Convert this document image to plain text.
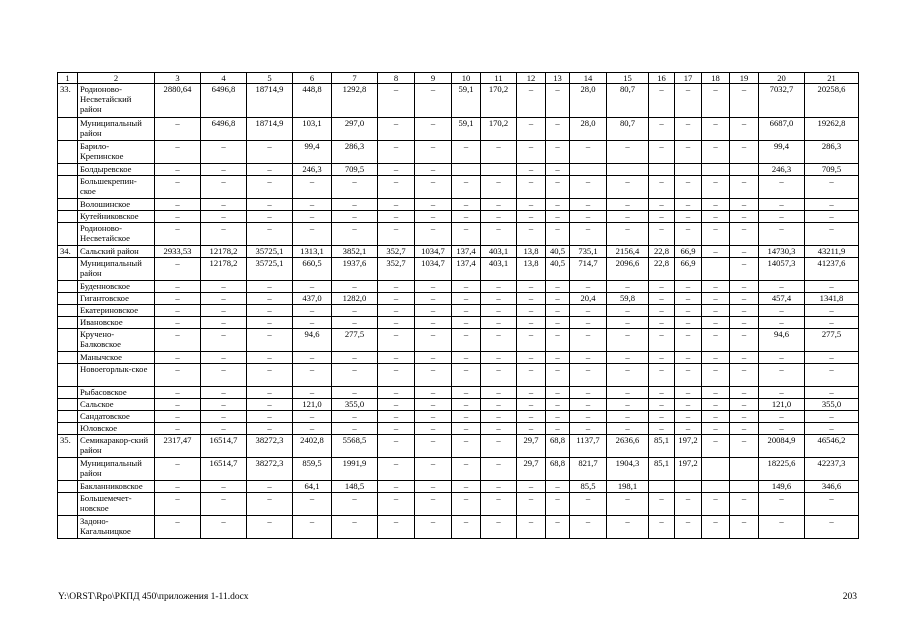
1	2	3	4	5	6	7	8	9	10	11	12	13	14	15	16	17	18	19	20	21
33.	Родионово-Несветайский район	2880,64	6496,8	18714,9	448,8	1292,8	–	–	59,1	170,2	–	–	28,0	80,7	–	–	–	–	7032,7	20258,6
	Муниципальный район	–	6496,8	18714,9	103,1	297,0	–	–	59,1	170,2	–	–	28,0	80,7	–	–	–	–	6687,0	19262,8
	Барило-Крепинское	–	–	–	99,4	286,3	–	–	–	–	–	–	–	–	–	–	–	–	99,4	286,3
	Болдыревское	–	–	–	246,3	709,5	–	–			–	–							246,3	709,5
	Большекрепин-ское	–	–	–	–	–	–	–	–	–	–	–	–	–	–	–	–	–	–	–
	Волошинское	–	–	–	–	–	–	–	–	–	–	–	–	–	–	–	–	–	–	–
	Кутейниковское	–	–	–	–	–	–	–	–	–	–	–	–	–	–	–	–	–	–	–
	Родионово-Несветайское	–	–	–	–	–	–	–	–	–	–	–	–	–	–	–	–	–	–	–
34.	Сальский район	2933,53	12178,2	35725,1	1313,1	3852,1	352,7	1034,7	137,4	403,1	13,8	40,5	735,1	2156,4	22,8	66,9	–	–	14730,3	43211,9
	Муниципальный район	–	12178,2	35725,1	660,5	1937,6	352,7	1034,7	137,4	403,1	13,8	40,5	714,7	2096,6	22,8	66,9		–	14057,3	41237,6
	Буденновское	–	–	–	–	–	–	–	–	–	–	–	–	–	–	–	–	–	–	–
	Гигантовское	–	–	–	437,0	1282,0	–	–	–	–	–	–	20,4	59,8	–	–	–	–	457,4	1341,8
	Екатериновское	–	–	–	–	–	–	–	–	–	–	–	–	–	–	–	–	–	–	–
	Ивановское	–	–	–	–	–	–	–	–	–	–	–	–	–	–	–	–	–	–	–
	Кручено-Балковское	–	–	–	94,6	277,5	–	–	–	–	–	–	–	–	–	–	–	–	94,6	277,5
	Манычское	–	–	–	–	–	–	–	–	–	–	–	–	–	–	–	–	–	–	–
	Новоегорлык-ское	–	–	–	–	–	–	–	–	–	–	–	–	–	–	–	–	–	–	–
	Рыбасовское	–	–	–	–	–	–	–	–	–	–	–	–	–	–	–	–	–	–	–
	Сальское	–	–	–	121,0	355,0	–	–	–	–	–	–	–	–	–	–	–	–	121,0	355,0
	Сандатовское	–	–	–	–	–	–	–	–	–	–	–	–	–	–	–	–	–	–	–
	Юловское	–	–	–	–	–	–	–	–	–	–	–	–	–	–	–	–	–	–	–
35.	Семикаракор-ский район	2317,47	16514,7	38272,3	2402,8	5568,5	–	–	–	–	29,7	68,8	1137,7	2636,6	85,1	197,2	–	–	20084,9	46546,2
	Муниципальный район	–	16514,7	38272,3	859,5	1991,9	–	–	–	–	29,7	68,8	821,7	1904,3	85,1	197,2			18225,6	42237,3
	Бакланниковское	–	–	–	64,1	148,5	–	–	–	–	–	–	85,5	198,1					149,6	346,6
	Большемечет-новское	–	–	–	–	–	–	–	–	–	–	–	–	–	–	–	–	–	–	–
	Задоно-Кагальницкое	–	–	–	–	–	–	–	–	–	–	–	–	–	–	–	–	–	–	–
Y:\ORST\Rpo\РКПД 450\приложения 1-11.docx	203
